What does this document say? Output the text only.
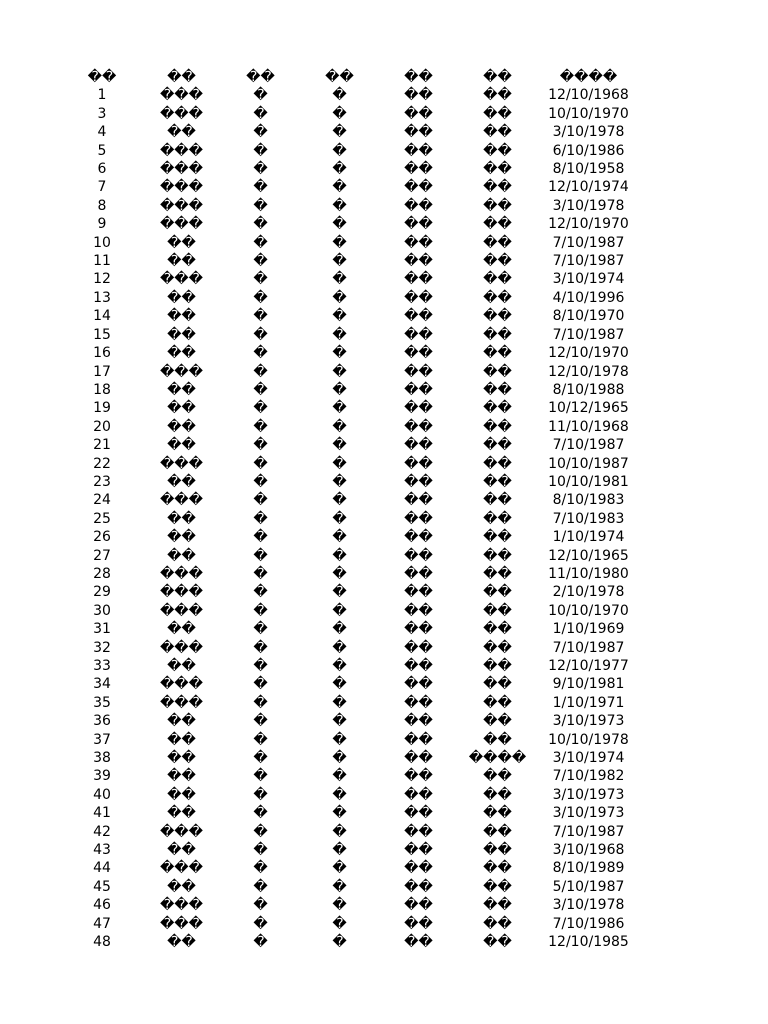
��	��	��	��	��	��	����
1	���	�	�	��	��	12/10/1968
3	���	�	�	��	��	10/10/1970
4	��	�	�	��	��	3/10/1978
5	���	�	�	��	��	6/10/1986
6	���	�	�	��	��	8/10/1958
7	���	�	�	��	��	12/10/1974
8	���	�	�	��	��	3/10/1978
9	���	�	�	��	��	12/10/1970
10	��	�	�	��	��	7/10/1987
11	��	�	�	��	��	7/10/1987
12	���	�	�	��	��	3/10/1974
13	��	�	�	��	��	4/10/1996
14	��	�	�	��	��	8/10/1970
15	��	�	�	��	��	7/10/1987
16	��	�	�	��	��	12/10/1970
17	���	�	�	��	��	12/10/1978
18	��	�	�	��	��	8/10/1988
19	��	�	�	��	��	10/12/1965
20	��	�	�	��	��	11/10/1968
21	��	�	�	��	��	7/10/1987
22	���	�	�	��	��	10/10/1987
23	��	�	�	��	��	10/10/1981
24	���	�	�	��	��	8/10/1983
25	��	�	�	��	��	7/10/1983
26	��	�	�	��	��	1/10/1974
27	��	�	�	��	��	12/10/1965
28	���	�	�	��	��	11/10/1980
29	���	�	�	��	��	2/10/1978
30	���	�	�	��	��	10/10/1970
31	��	�	�	��	��	1/10/1969
32	���	�	�	��	��	7/10/1987
33	��	�	�	��	��	12/10/1977
34	���	�	�	��	��	9/10/1981
35	���	�	�	��	��	1/10/1971
36	��	�	�	��	��	3/10/1973
37	��	�	�	��	��	10/10/1978
38	��	�	�	��	����	3/10/1974
39	��	�	�	��	��	7/10/1982
40	��	�	�	��	��	3/10/1973
41	��	�	�	��	��	3/10/1973
42	���	�	�	��	��	7/10/1987
43	��	�	�	��	��	3/10/1968
44	���	�	�	��	��	8/10/1989
45	��	�	�	��	��	5/10/1987
46	���	�	�	��	��	3/10/1978
47	���	�	�	��	��	7/10/1986
48	��	�	�	��	��	12/10/1985
